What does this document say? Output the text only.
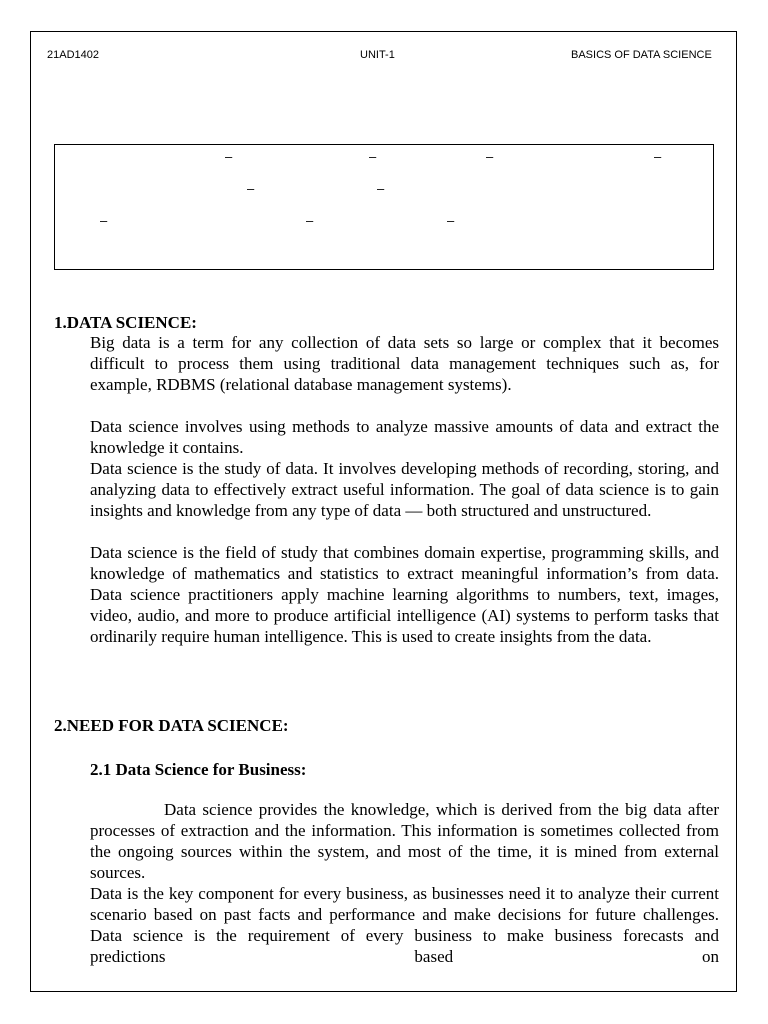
21AD1402	UNIT-1	BASICS OF DATA SCIENCE
–	–	–	–
–	–
–	–	–
1.DATA SCIENCE:

Big data is a term for any collection of data sets so large or complex that it becomes difficult to process them using traditional data management techniques such as, for example, RDBMS (relational database management systems).

Data science involves using methods to analyze massive amounts of data and extract the knowledge it contains.

Data science is the study of data. It involves developing methods of recording, storing, and analyzing data to effectively extract useful information. The goal of data science is to gain insights and knowledge from any type of data — both structured and unstructured.

Data science is the field of study that combines domain expertise, programming skills, and knowledge of mathematics and statistics to extract meaningful information’s from data. Data science practitioners apply machine learning algorithms to numbers, text, images, video, audio, and more to produce artificial intelligence (AI) systems to perform tasks that ordinarily require human intelligence. This is used to create insights from the data.

2.NEED FOR DATA SCIENCE:
2.1 Data Science for Business:

Data science provides the knowledge, which is derived from the big data after processes of extraction and the information. This information is sometimes collected from the ongoing sources within the system, and most of the time, it is mined from external sources.

Data is the key component for every business, as businesses need it to analyze their current scenario based on past facts and performance and make decisions for future challenges. Data science is the requirement of every business to make business forecasts and predictions based on
